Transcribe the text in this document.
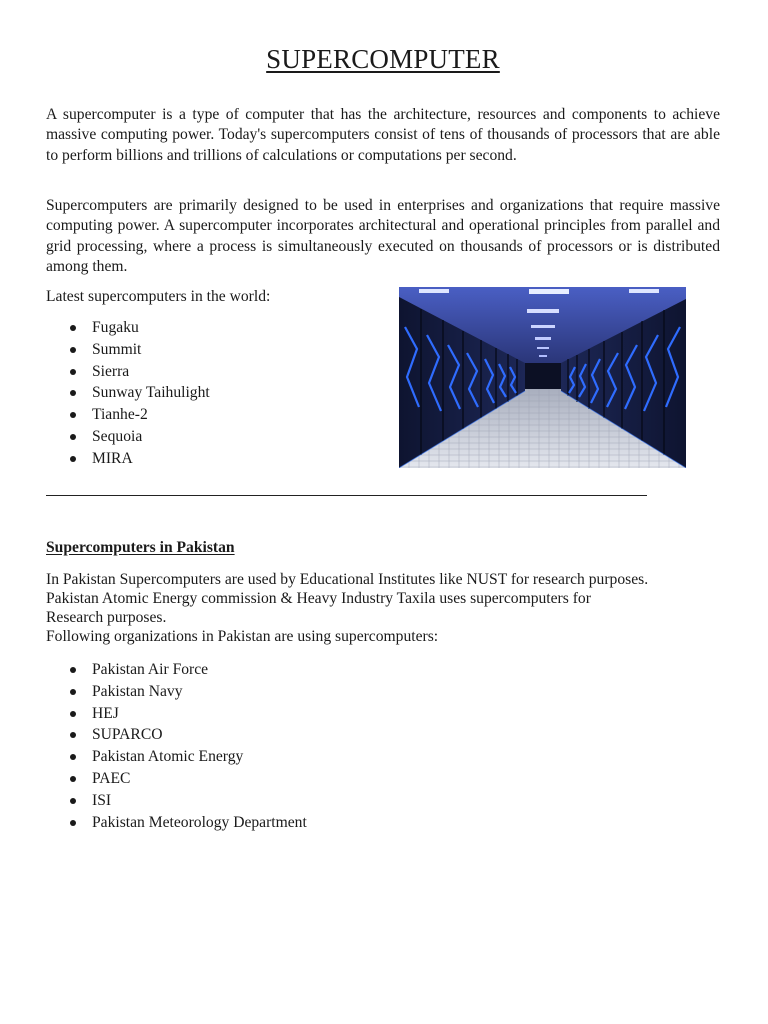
SUPERCOMPUTER

A supercomputer is a type of computer that has the architecture, resources and components to achieve massive computing power. Today's supercomputers consist of tens of thousands of processors that are able to perform billions and trillions of calculations or computations per second.

Supercomputers are primarily designed to be used in enterprises and organizations that require massive computing power. A supercomputer incorporates architectural and operational principles from parallel and grid processing, where a process is simultaneously executed on thousands of processors or is distributed among them.

Latest supercomputers in the world:
Fugaku
Summit
Sierra
Sunway Taihulight
Tianhe-2
Sequoia
MIRA
Supercomputers in Pakistan
In Pakistan Supercomputers are used by Educational Institutes like NUST for research purposes.
Pakistan Atomic Energy commission & Heavy Industry Taxila uses supercomputers for
Research purposes.
Following organizations in Pakistan are using supercomputers:
Pakistan Air Force
Pakistan Navy
HEJ
SUPARCO
Pakistan Atomic Energy
PAEC
ISI
Pakistan Meteorology Department
